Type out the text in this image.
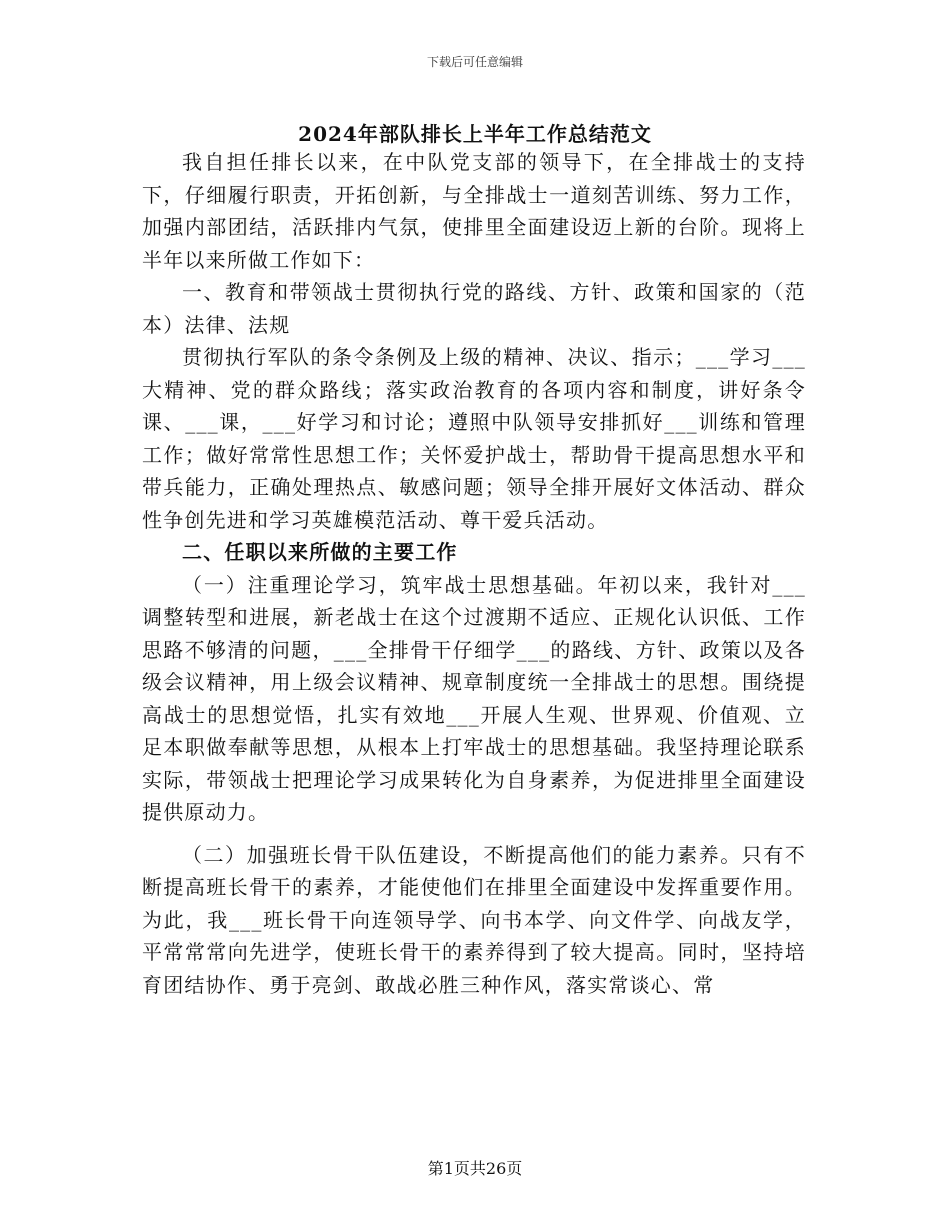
下载后可任意编辑
2024年部队排长上半年工作总结范文

我自担任排长以来，在中队党支部的领导下，在全排战士的支持下，仔细履行职责，开拓创新，与全排战士一道刻苦训练、努力工作，加强内部团结，活跃排内气氛，使排里全面建设迈上新的台阶。现将上半年以来所做工作如下：

一、教育和带领战士贯彻执行党的路线、方针、政策和国家的（范本）法律、法规

贯彻执行军队的条令条例及上级的精神、决议、指示；___学习___大精神、党的群众路线；落实政治教育的各项内容和制度，讲好条令课、___课，___好学习和讨论；遵照中队领导安排抓好___训练和管理工作；做好常常性思想工作；关怀爱护战士，帮助骨干提高思想水平和带兵能力，正确处理热点、敏感问题；领导全排开展好文体活动、群众性争创先进和学习英雄模范活动、尊干爱兵活动。

二、任职以来所做的主要工作

（一）注重理论学习，筑牢战士思想基础。年初以来，我针对___调整转型和进展，新老战士在这个过渡期不适应、正规化认识低、工作思路不够清的问题，___全排骨干仔细学___的路线、方针、政策以及各级会议精神，用上级会议精神、规章制度统一全排战士的思想。围绕提高战士的思想觉悟，扎实有效地___开展人生观、世界观、价值观、立足本职做奉献等思想，从根本上打牢战士的思想基础。我坚持理论联系实际，带领战士把理论学习成果转化为自身素养，为促进排里全面建设提供原动力。

（二）加强班长骨干队伍建设，不断提高他们的能力素养。只有不断提高班长骨干的素养，才能使他们在排里全面建设中发挥重要作用。为此，我___班长骨干向连领导学、向书本学、向文件学、向战友学，平常常常向先进学，使班长骨干的素养得到了较大提高。同时，坚持培育团结协作、勇于亮剑、敢战必胜三种作风，落实常谈心、常

第1页共26页
